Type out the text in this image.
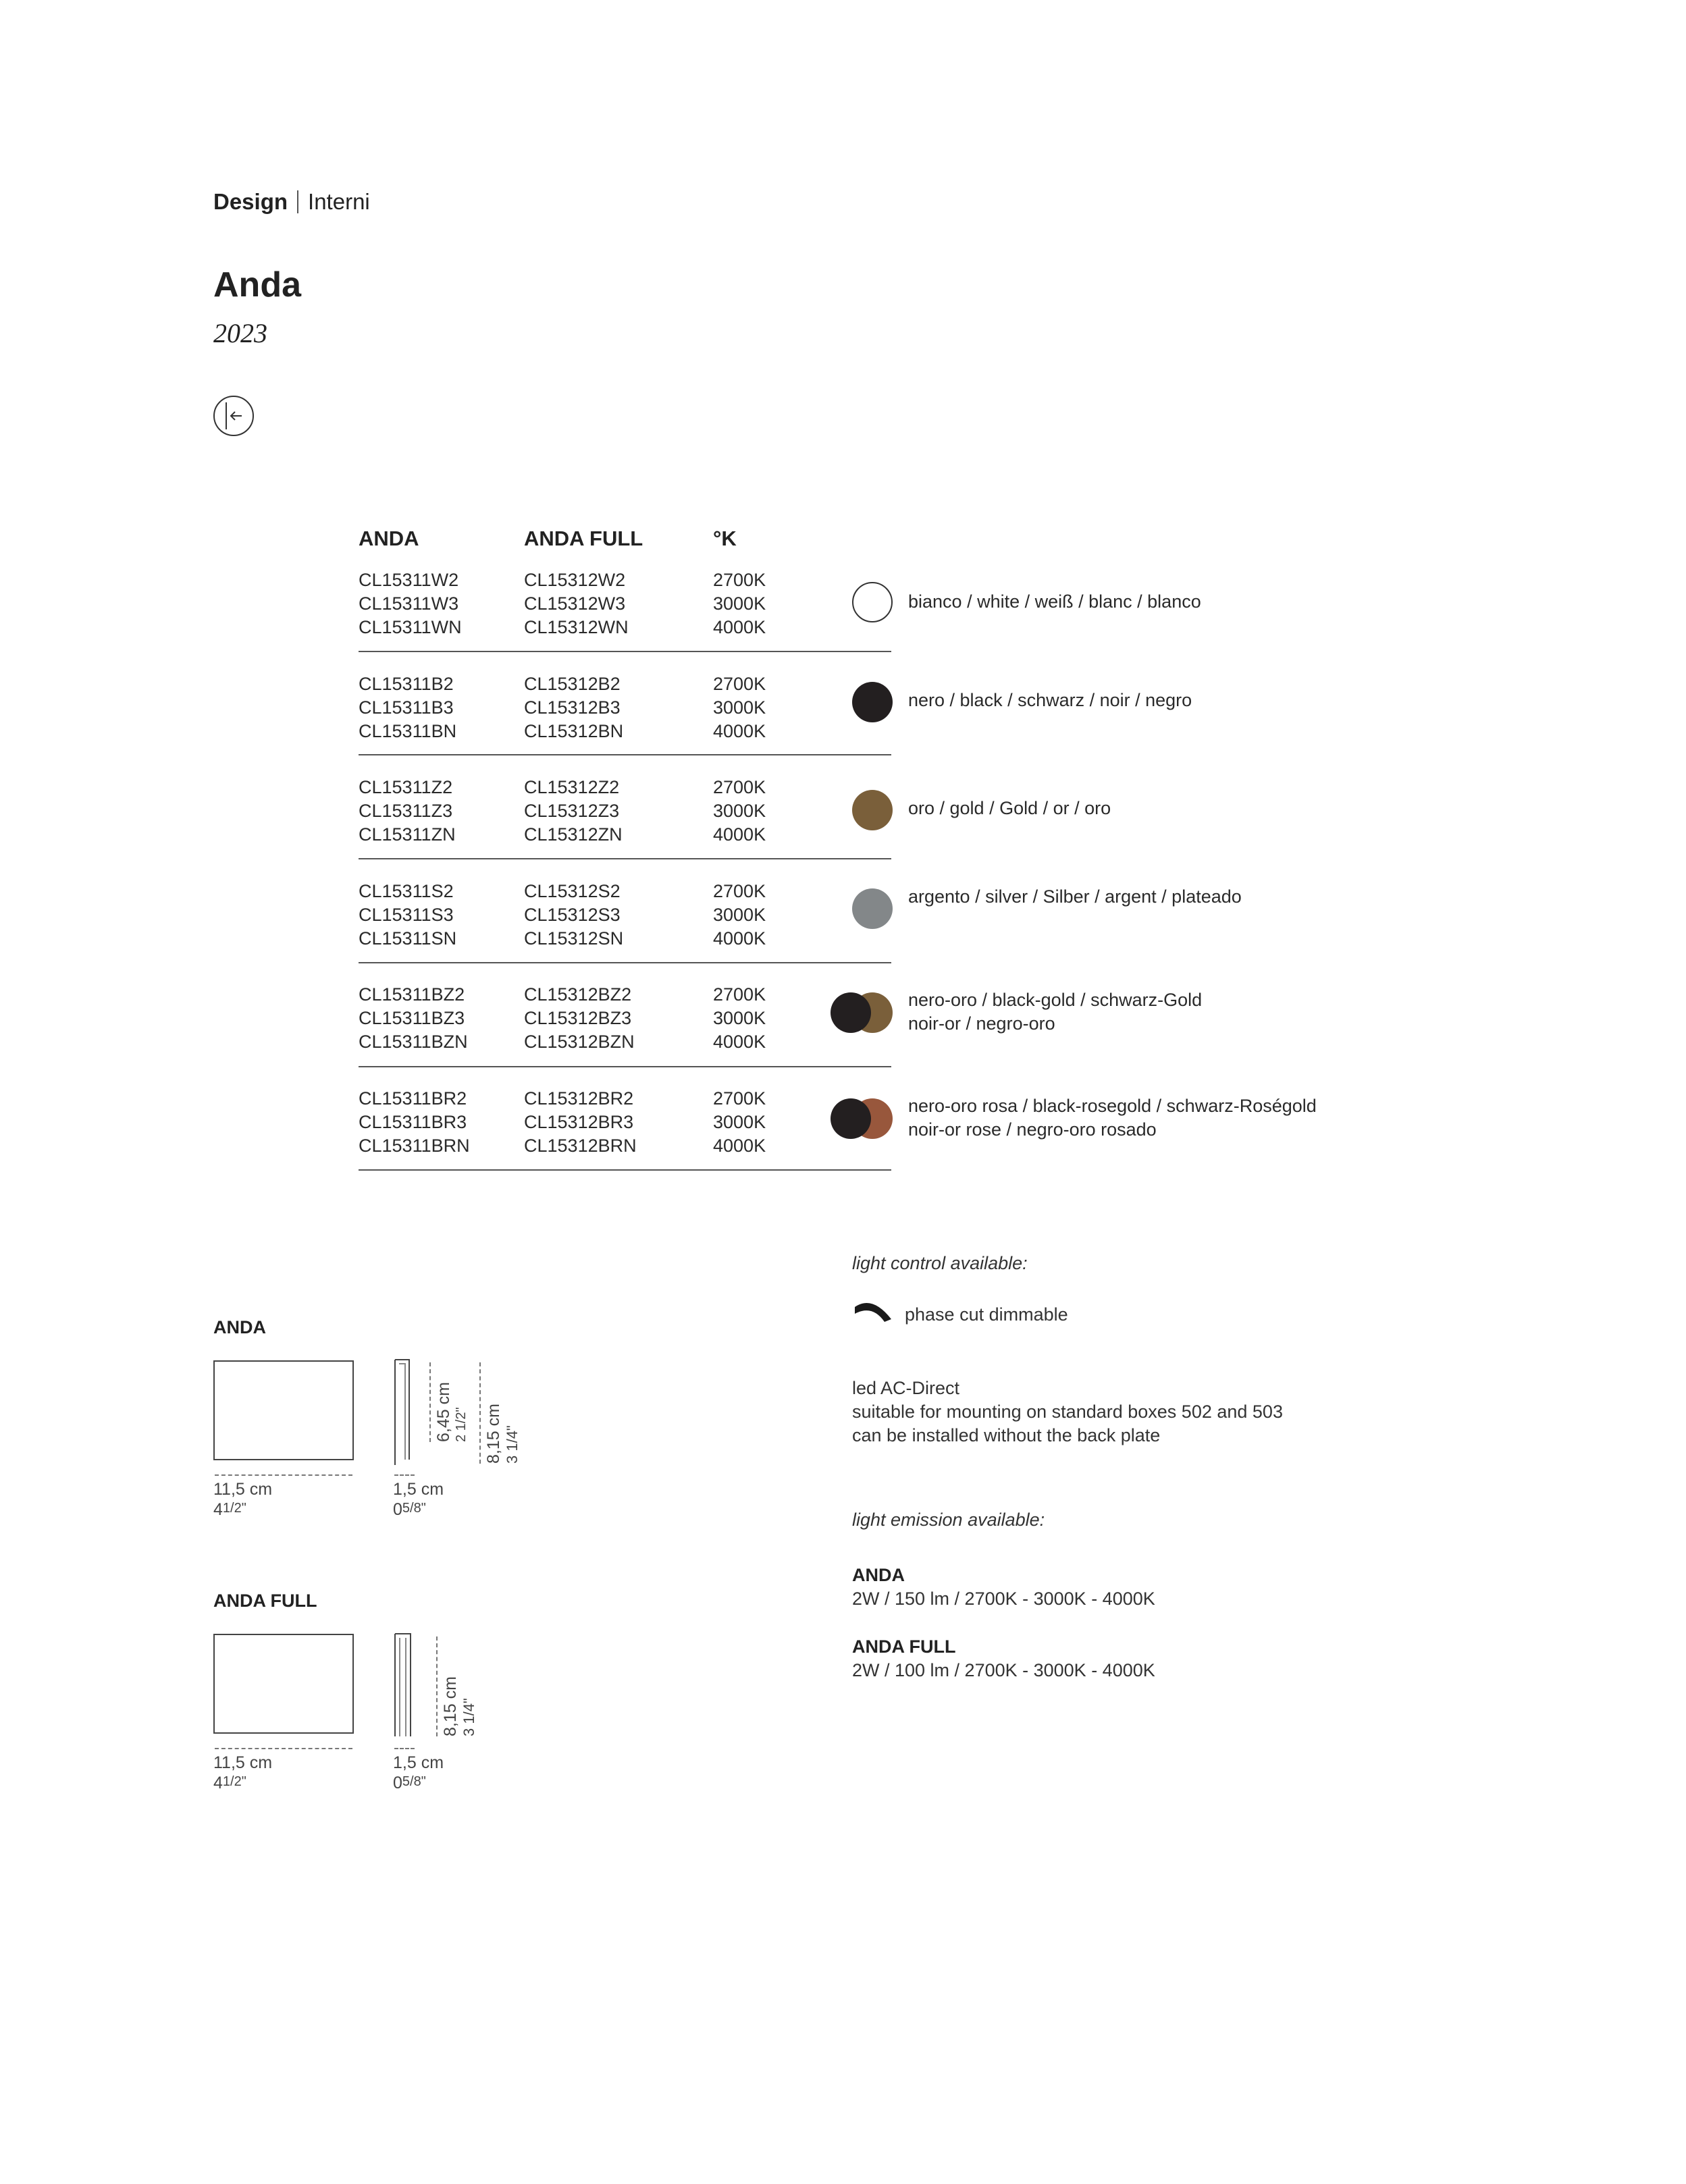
Design Interni
Anda
2023
ANDA	ANDA FULL	°K
CL15311W2
CL15311W3
CL15311WN
CL15312W2
CL15312W3
CL15312WN
2700K
3000K
4000K
bianco / white / weiß / blanc / blanco
CL15311B2
CL15311B3
CL15311BN
CL15312B2
CL15312B3
CL15312BN
2700K
3000K
4000K
nero / black / schwarz / noir / negro
CL15311Z2
CL15311Z3
CL15311ZN
CL15312Z2
CL15312Z3
CL15312ZN
2700K
3000K
4000K
oro / gold / Gold / or / oro
CL15311S2
CL15311S3
CL15311SN
CL15312S2
CL15312S3
CL15312SN
2700K
3000K
4000K
argento / silver / Silber / argent / plateado
CL15311BZ2
CL15311BZ3
CL15311BZN
CL15312BZ2
CL15312BZ3
CL15312BZN
2700K
3000K
4000K
nero-oro / black-gold / schwarz-Gold
noir-or / negro-oro
CL15311BR2
CL15311BR3
CL15311BRN
CL15312BR2
CL15312BR3
CL15312BRN
2700K
3000K
4000K
nero-oro rosa / black-rosegold / schwarz-Roségold
noir-or rose / negro-oro rosado
ANDA
11,5 cm
41/2"
6,45 cm 2 1/2" 8,15 cm 3 1/4"
1,5 cm
05/8"
ANDA FULL
11,5 cm
41/2"
8,15 cm 3 1/4"
1,5 cm
05/8"
light control available:
phase cut dimmable
led AC-Direct
suitable for mounting on standard boxes 502 and 503
can be installed without the back plate
light emission available:
ANDA
2W / 150 lm / 2700K - 3000K - 4000K
ANDA FULL
2W / 100 lm / 2700K - 3000K - 4000K
